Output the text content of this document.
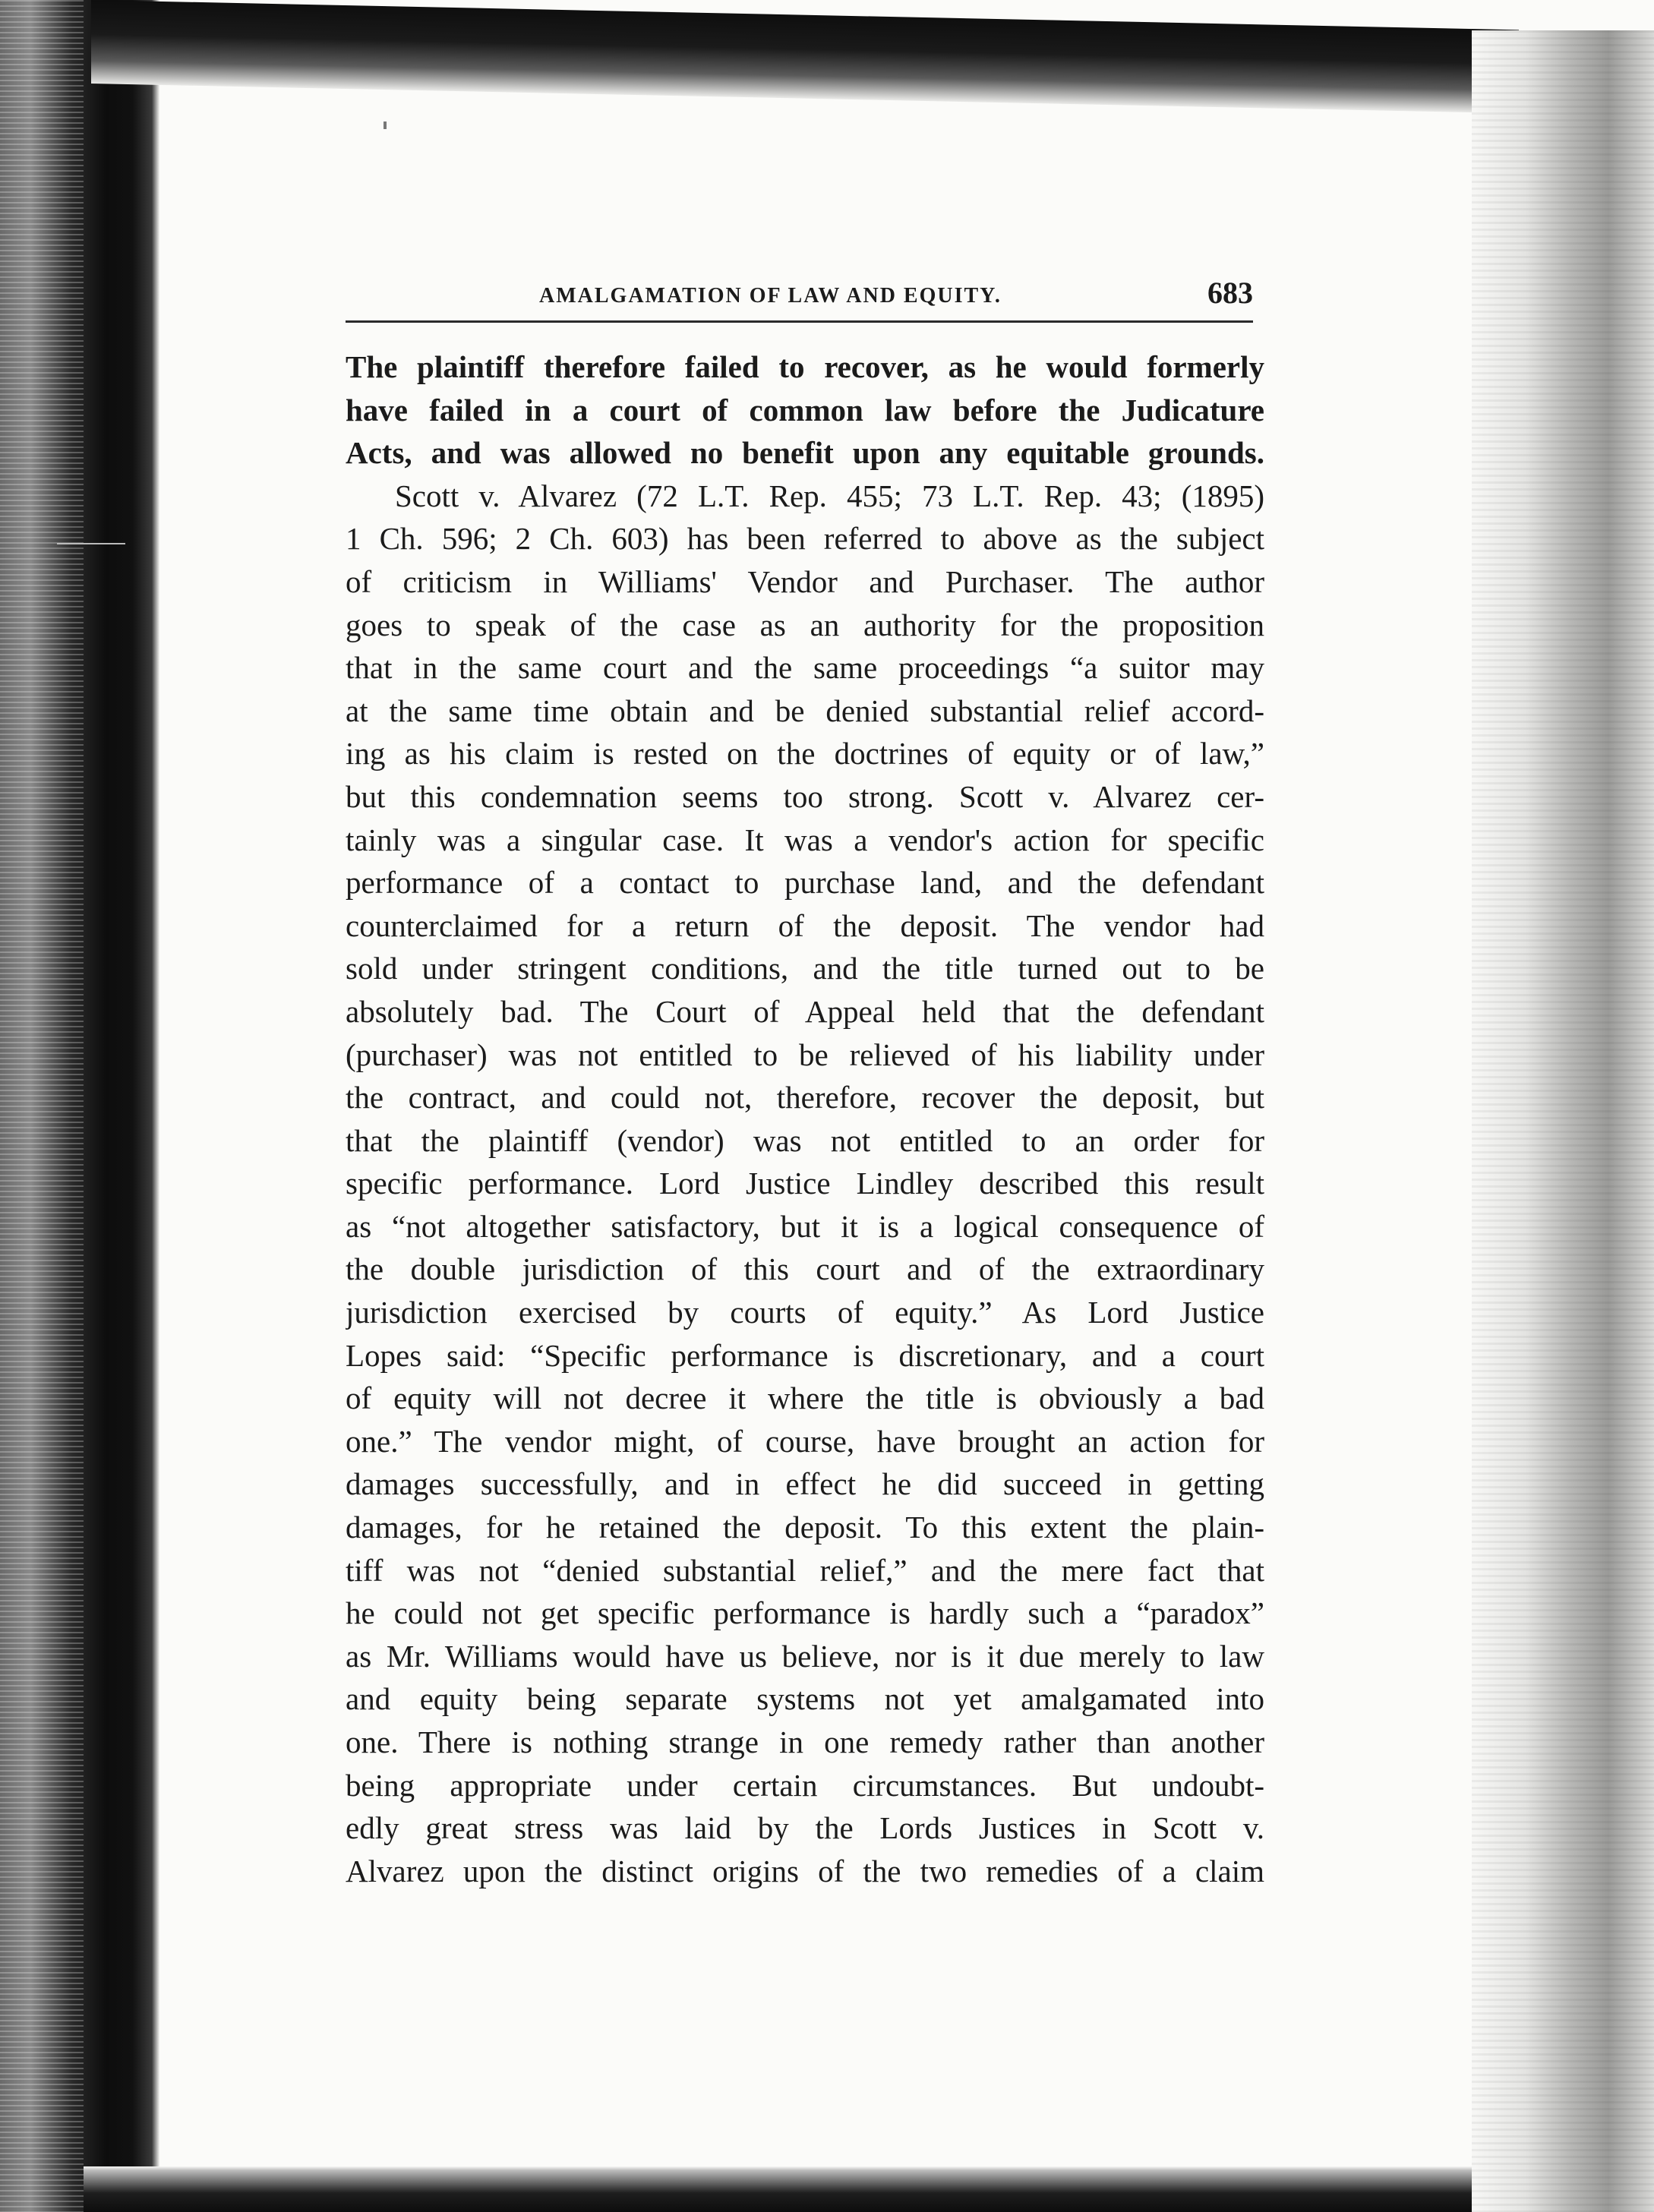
AMALGAMATION OF LAW AND EQUITY.	683
The plaintiff therefore failed to recover, as he would formerly
have failed in a court of common law before the Judicature
Acts, and was allowed no benefit upon any equitable grounds.
Scott v. Alvarez (72 L.T. Rep. 455; 73 L.T. Rep. 43; (1895)
1 Ch. 596; 2 Ch. 603) has been referred to above as the subject
of criticism in Williams' Vendor and Purchaser. The author
goes to speak of the case as an authority for the proposition
that in the same court and the same proceedings “a suitor may
at the same time obtain and be denied substantial relief accord-
ing as his claim is rested on the doctrines of equity or of law,”
but this condemnation seems too strong. Scott v. Alvarez cer-
tainly was a singular case. It was a vendor's action for specific
performance of a contact to purchase land, and the defendant
counterclaimed for a return of the deposit. The vendor had
sold under stringent conditions, and the title turned out to be
absolutely bad. The Court of Appeal held that the defendant
(purchaser) was not entitled to be relieved of his liability under
the contract, and could not, therefore, recover the deposit, but
that the plaintiff (vendor) was not entitled to an order for
specific performance. Lord Justice Lindley described this result
as “not altogether satisfactory, but it is a logical consequence of
the double jurisdiction of this court and of the extraordinary
jurisdiction exercised by courts of equity.” As Lord Justice
Lopes said: “Specific performance is discretionary, and a court
of equity will not decree it where the title is obviously a bad
one.” The vendor might, of course, have brought an action for
damages successfully, and in effect he did succeed in getting
damages, for he retained the deposit. To this extent the plain-
tiff was not “denied substantial relief,” and the mere fact that
he could not get specific performance is hardly such a “paradox”
as Mr. Williams would have us believe, nor is it due merely to law
and equity being separate systems not yet amalgamated into
one. There is nothing strange in one remedy rather than another
being appropriate under certain circumstances. But undoubt-
edly great stress was laid by the Lords Justices in Scott v.
Alvarez upon the distinct origins of the two remedies of a claim
